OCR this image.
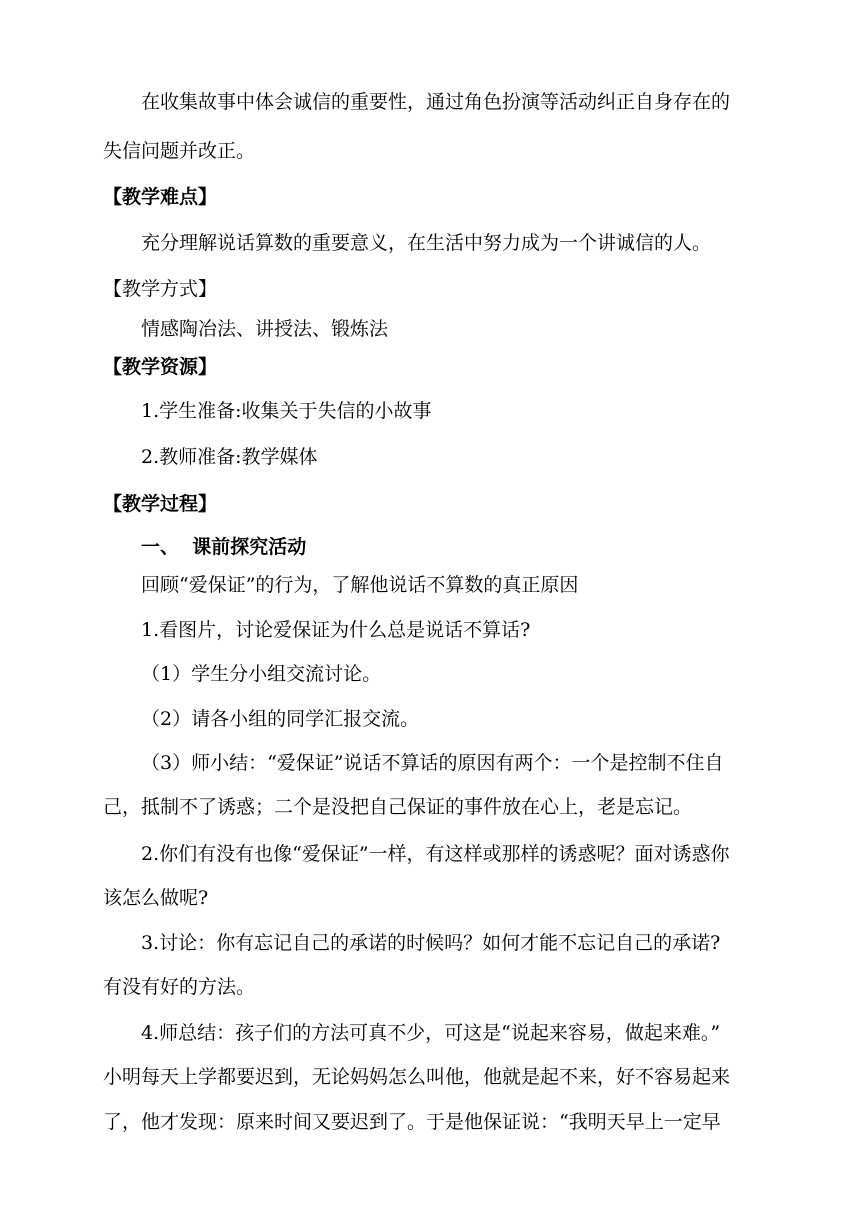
在收集故事中体会诚信的重要性，通过角色扮演等活动纠正自身存在的
失信问题并改正。
【教学难点】
充分理解说话算数的重要意义，在生活中努力成为一个讲诚信的人。
【教学方式】
情感陶冶法、讲授法、锻炼法
【教学资源】
1.学生准备:收集关于失信的小故事
2.教师准备:教学媒体
【教学过程】
一、  课前探究活动
回顾“爱保证”的行为，了解他说话不算数的真正原因
1.看图片，讨论爱保证为什么总是说话不算话?
（1）学生分小组交流讨论。
（2）请各小组的同学汇报交流。
（3）师小结：“爱保证”说话不算话的原因有两个：一个是控制不住自
己，抵制不了诱惑；二个是没把自己保证的事件放在心上，老是忘记。
2.你们有没有也像“爱保证”一样，有这样或那样的诱惑呢？面对诱惑你
该怎么做呢?
3.讨论：你有忘记自己的承诺的时候吗？如何才能不忘记自己的承诺?
有没有好的方法。
4.师总结：孩子们的方法可真不少，可这是“说起来容易，做起来难。”
小明每天上学都要迟到，无论妈妈怎么叫他，他就是起不来，好不容易起来
了，他才发现：原来时间又要迟到了。于是他保证说：“我明天早上一定早
